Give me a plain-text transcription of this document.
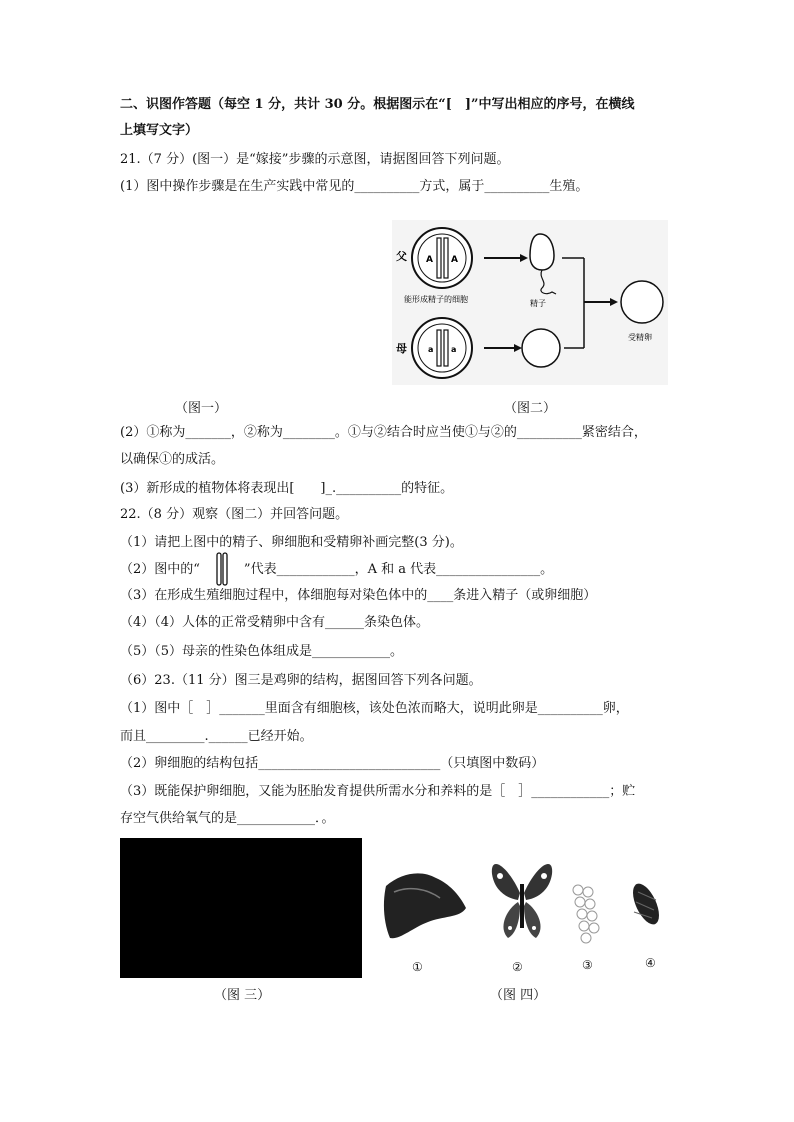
二、识图作答题（每空 1 分，共计 30 分。根据图示在“[　]”中写出相应的序号，在横线
上填写文字）
21.（7 分）(图一）是“嫁接”步骤的示意图，请据图回答下列问题。
(1）图中操作步骤是在生产实践中常见的__________方式，属于__________生殖。
父 A A
能形成精子的细胞	精子
母	a a
受精卵
（图一）	（图二）
(2）①称为_______，②称为________。①与②结合时应当使①与②的__________紧密结合，
以确保①的成活。
(3）新形成的植物体将表现出[　　]_.__________的特征。
22.（8 分）观察（图二）并回答问题。
（1）请把上图中的精子、卵细胞和受精卵补画完整(3 分)。
（2）图中的“	”代表____________，A 和 a 代表________________。
（3）在形成生殖细胞过程中，体细胞每对染色体中的____条进入精子（或卵细胞）
（4）（4）人体的正常受精卵中含有______条染色体。
（5）（5）母亲的性染色体组成是____________。
（6）23.（11 分）图三是鸡卵的结构，据图回答下列各问题。
（1）图中［　］_______里面含有细胞核，该处色浓而略大，说明此卵是__________卵，
而且_________.______已经开始。
（2）卵细胞的结构包括____________________________（只填图中数码）
（3）既能保护卵细胞，又能为胚胎发育提供所需水分和养料的是［　］____________；贮
存空气供给氧气的是____________．。
（图 三）
①	②	③	④
（图 四）
